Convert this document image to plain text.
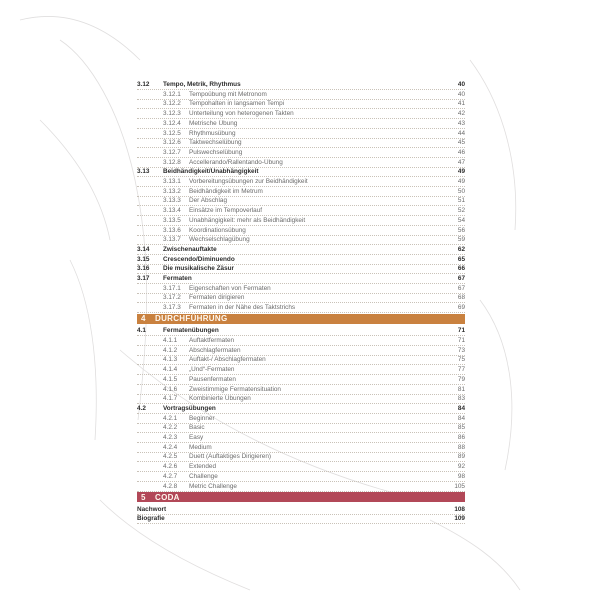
3.12	Tempo, Metrik, Rhythmus	40
3.12.1	Tempoübung mit Metronom	40
3.12.2	Tempohalten in langsamen Tempi	41
3.12.3	Unterteilung von heterogenen Takten	42
3.12.4	Metrische Übung	43
3.12.5	Rhythmusübung	44
3.12.6	Taktwechselübung	45
3.12.7	Pulswechselübung	46
3.12.8	Accellerando/Rallentando-Übung	47
3.13	Beidhändigkeit/Unabhängigkeit	49
3.13.1	Vorbereitungsübungen zur Beidhändigkeit	49
3.13.2	Beidhändigkeit im Metrum	50
3.13.3	Der Abschlag	51
3.13.4	Einsätze im Tempoverlauf	52
3.13.5	Unabhängigkeit: mehr als Beidhändigkeit	54
3.13.6	Koordinationsübung	56
3.13.7	Wechselschlagübung	59
3.14	Zwischenauftakte	62
3.15	Crescendo/Diminuendo	65
3.16	Die musikalische Zäsur	66
3.17	Fermaten	67
3.17.1	Eigenschaften von Fermaten	67
3.17.2	Fermaten dirigieren	68
3.17.3	Fermaten in der Nähe des Taktstrichs	69
4	DURCHFÜHRUNG
4.1	Fermatenübungen	71
4.1.1	Auftaktfermaten	71
4.1.2	Abschlagfermaten	73
4.1.3	Auftakt-/ Abschlagfermaten	75
4.1.4	„Und“-Fermaten	77
4.1.5	Pausenfermaten	79
4.1.6	Zweistimmige Fermatensituation	81
4.1.7	Kombinierte Übungen	83
4.2	Vortragsübungen	84
4.2.1	Beginner	84
4.2.2	Basic	85
4.2.3	Easy	86
4.2.4	Medium	88
4.2.5	Duett (Auftaktiges Dirigieren)	89
4.2.6	Extended	92
4.2.7	Challenge	98
4.2.8	Metric Challenge	105
5	CODA
Nachwort	108
Biografie	109
